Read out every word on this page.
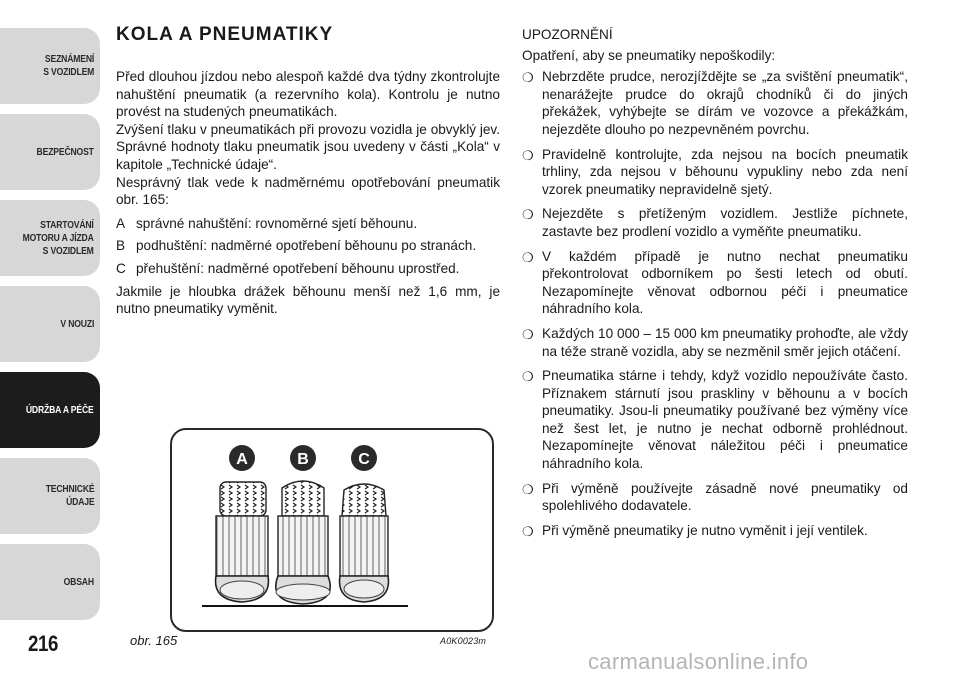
SEZNÁMENÍ
S VOZIDLEM
BEZPEČNOST
STARTOVÁNÍ
MOTORU A JÍZDA
S VOZIDLEM
V NOUZI
ÚDRŽBA A PÉČE
TECHNICKÉ
ÚDAJE
OBSAH
216
KOLA A PNEUMATIKY

Před dlouhou jízdou nebo alespoň každé dva týdny zkontrolujte nahuštění pneumatik (a rezervního kola). Kontrolu je nutno provést na studených pneumatikách.

Zvýšení tlaku v pneumatikách při provozu vozidla je obvyklý jev. Správné hodnoty tlaku pneumatik jsou uvedeny v části „Kola“ v kapitole „Technické údaje“.

Nesprávný tlak vede k nadměrnému opotřebování pneumatik obr. 165:

A správné nahuštění: rovnoměrné sjetí běhounu.
B podhuštění: nadměrné opotřebení běhounu po stranách.
C přehuštění: nadměrné opotřebení běhounu uprostřed.

Jakmile je hloubka drážek běhounu menší než 1,6 mm, je nutno pneumatiky vyměnit.

A	B	C
obr. 165	A0K0023m

UPOZORNĚNÍ

Opatření, aby se pneumatiky nepoškodily:

❍ Nebrzděte prudce, nerozjíždějte se „za svištění pneumatik“, nenarážejte prudce do okrajů chodníků či do jiných překážek, vyhýbejte se dírám ve vozovce a překážkám, nejezděte dlouho po nezpevněném povrchu.
❍ Pravidelně kontrolujte, zda nejsou na bocích pneumatik trhliny, zda nejsou v běhounu vypukliny nebo zda není vzorek pneumatiky nepravidelně sjetý.
❍ Nejezděte s přetíženým vozidlem. Jestliže píchnete, zastavte bez prodlení vozidlo a vyměňte pneumatiku.
❍ V každém případě je nutno nechat pneumatiku překontrolovat odborníkem po šesti letech od obutí. Nezapomínejte věnovat odbornou péči i pneumatice náhradního kola.
❍ Každých 10 000 – 15 000 km pneumatiky prohoďte, ale vždy na téže straně vozidla, aby se nezměnil směr jejich otáčení.
❍ Pneumatika stárne i tehdy, když vozidlo nepoužíváte často. Příznakem stárnutí jsou praskliny v běhounu a v bocích pneumatiky. Jsou-li pneumatiky používané bez výměny více než šest let, je nutno je nechat odborně prohlédnout. Nezapomínejte věnovat náležitou péči i pneumatice náhradního kola.
❍ Při výměně používejte zásadně nové pneumatiky od spolehlivého dodavatele.
❍ Při výměně pneumatiky je nutno vyměnit i její ventilek.
carmanualsonline.info
